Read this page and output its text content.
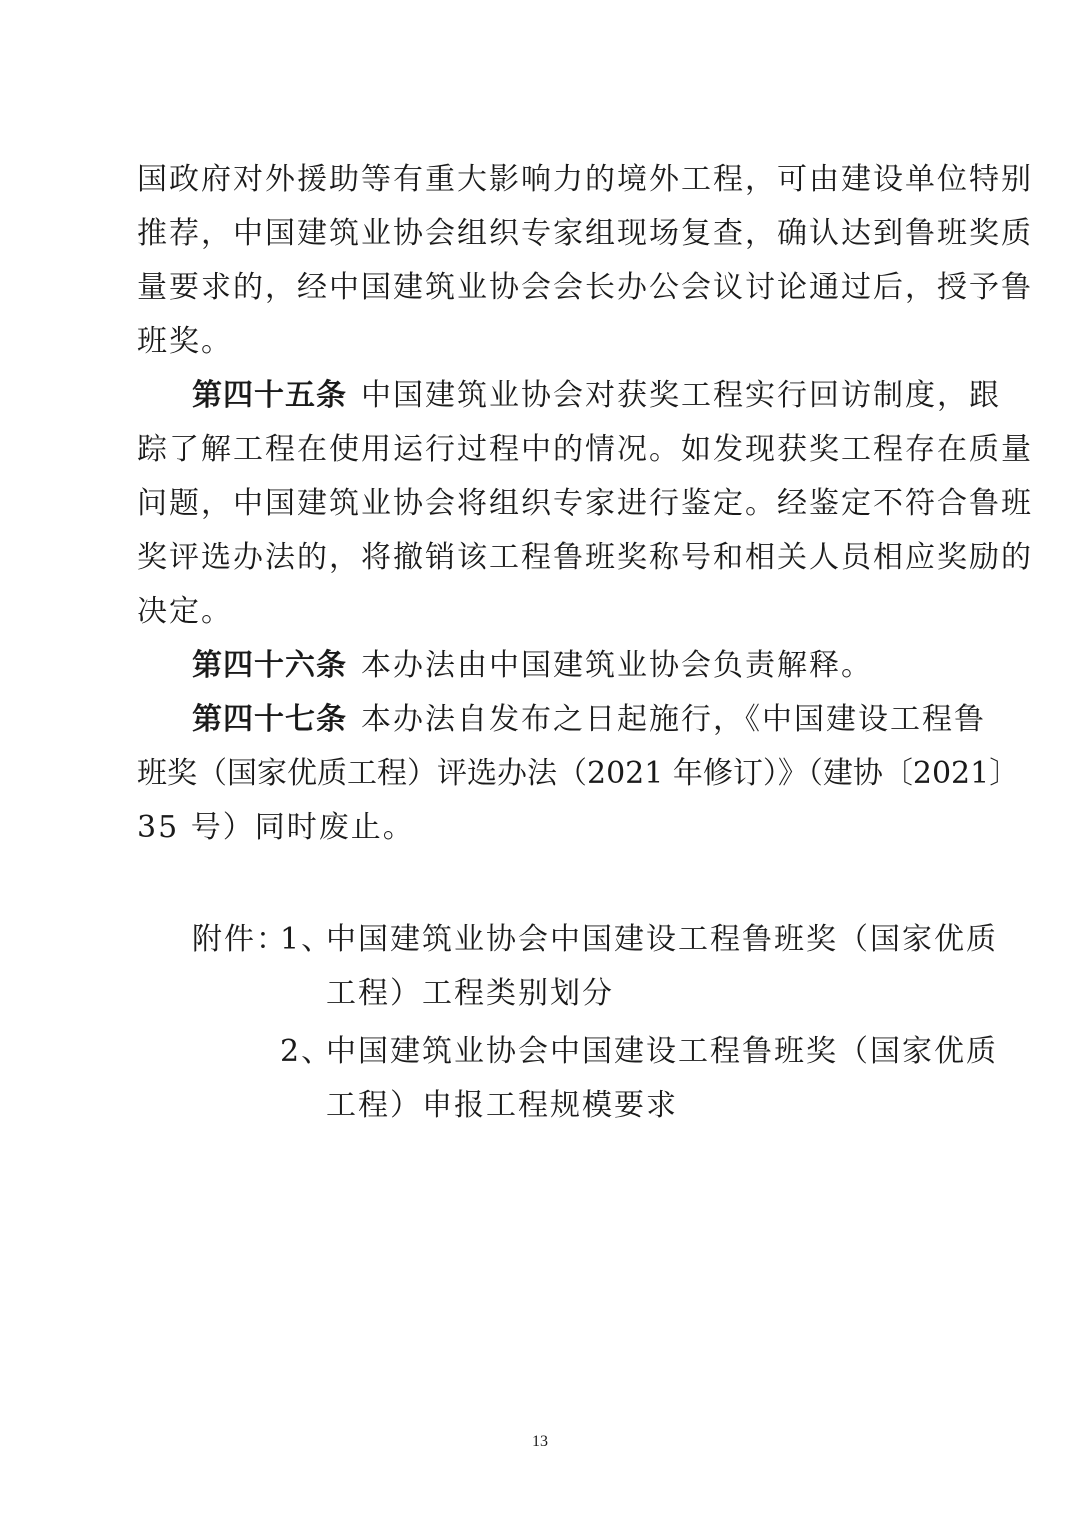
国政府对外援助等有重大影响力的境外工程，可由建设单位特别
推荐，中国建筑业协会组织专家组现场复查，确认达到鲁班奖质
量要求的，经中国建筑业协会会长办公会议讨论通过后，授予鲁
班奖。
第四十五条 中国建筑业协会对获奖工程实行回访制度，跟
踪了解工程在使用运行过程中的情况。如发现获奖工程存在质量
问题，中国建筑业协会将组织专家进行鉴定。经鉴定不符合鲁班
奖评选办法的，将撤销该工程鲁班奖称号和相关人员相应奖励的
决定。
第四十六条 本办法由中国建筑业协会负责解释。
第四十七条 本办法自发布之日起施行，《中国建设工程鲁
班奖（国家优质工程）评选办法（2021 年修订）》（建协〔2021〕
35 号）同时废止。
附件：
1、
中国建筑业协会中国建设工程鲁班奖（国家优质
工程）工程类别划分
2、
中国建筑业协会中国建设工程鲁班奖（国家优质
工程）申报工程规模要求
13
